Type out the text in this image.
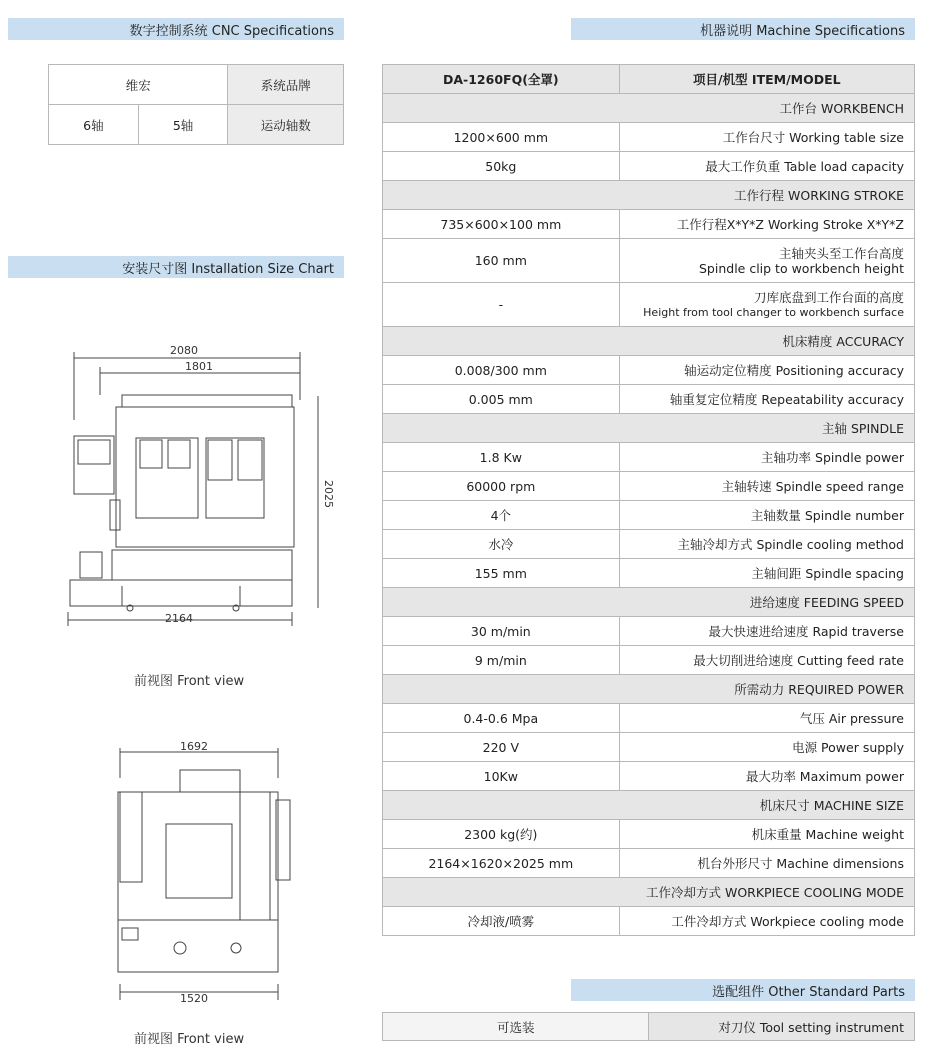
机器说明 Machine Specifications
数字控制系统 CNC Specifications
安装尺寸图 Installation Size Chart
选配组件 Other Standard Parts
DA-1260FQ(全罩)	项目/机型 ITEM/MODEL
工作台 WORKBENCH	
1200×600 mm	工作台尺寸 Working table size

50kg	最大工作负重 Table load capacity

工作行程 WORKING STROKE	
735×600×100 mm	工作行程X*Y*Z Working Stroke X*Y*Z

160 mm	主轴夹头至工作台高度
Spindle clip to workbench height

-	刀库底盘到工作台面的高度
Height from tool changer to workbench surface

机床精度 ACCURACY	
0.008/300 mm	轴运动定位精度 Positioning accuracy

0.005 mm	轴重复定位精度 Repeatability accuracy

主轴 SPINDLE	
1.8 Kw	主轴功率 Spindle power

60000 rpm	主轴转速 Spindle speed range

4个	主轴数量 Spindle number

水冷	主轴冷却方式 Spindle cooling method

155 mm	主轴间距 Spindle spacing

进给速度 FEEDING SPEED	
30 m/min	最大快速进给速度 Rapid traverse

9 m/min	最大切削进给速度 Cutting feed rate

所需动力 REQUIRED POWER	
0.4-0.6 Mpa	气压 Air pressure

220 V	电源 Power supply

10Kw	最大功率 Maximum power

机床尺寸 MACHINE SIZE	
2300 kg(约)	机床重量 Machine weight

2164×1620×2025 mm	机台外形尺寸 Machine dimensions

工作冷却方式 WORKPIECE COOLING MODE	
冷却液/喷雾	工件冷却方式 Workpiece cooling mode
维宏		系统品牌
6轴	5轴	运动轴数
可选装	对刀仪 Tool setting instrument
2080
1801
2025
2164
前视图 Front view
1692
1520
前视图 Front view
